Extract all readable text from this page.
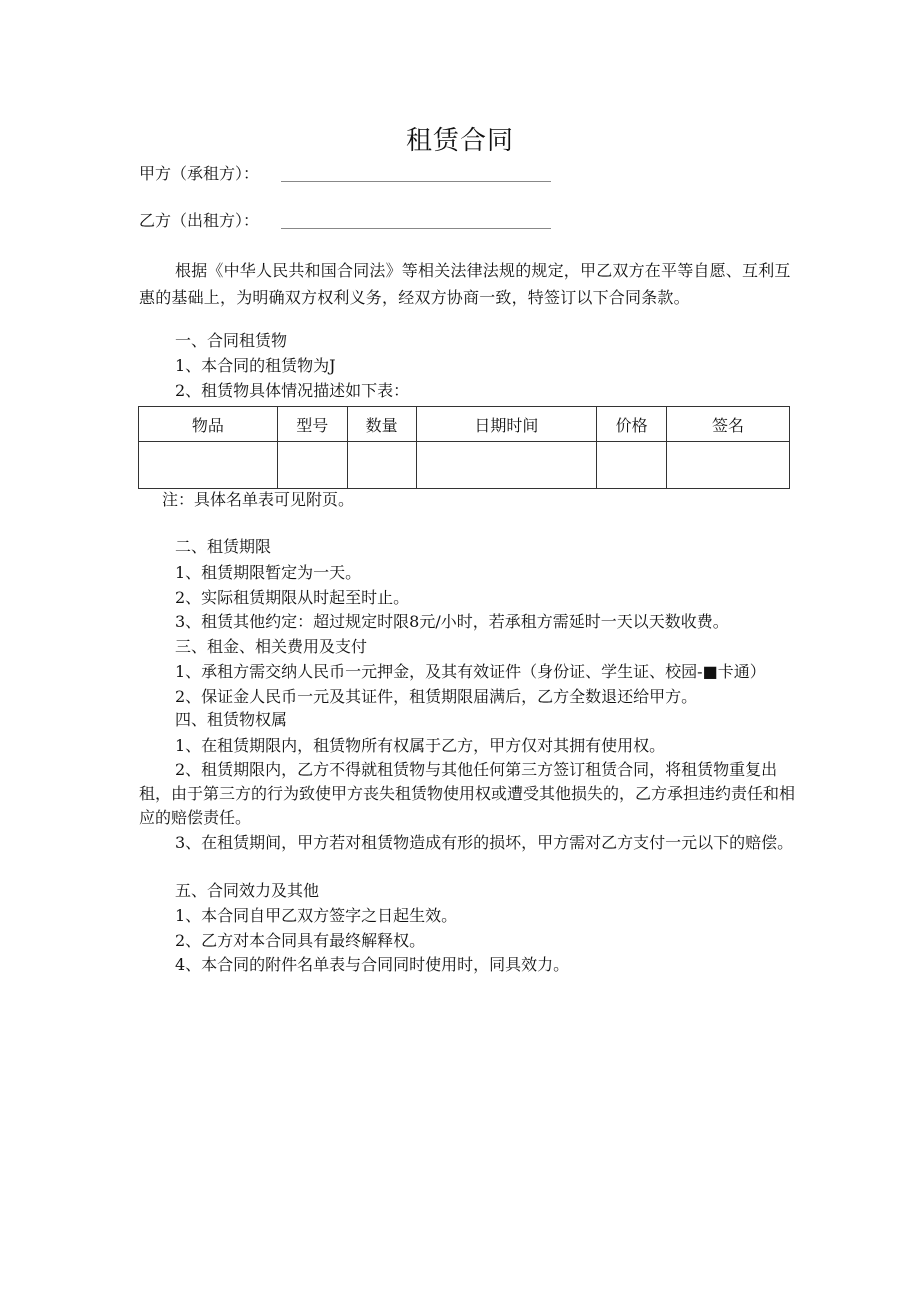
租赁合同
甲方（承租方）：
乙方（出租方）：
根据《中华人民共和国合同法》等相关法律法规的规定，甲乙双方在平等自愿、互利互惠的基础上，为明确双方权利义务，经双方协商一致，特签订以下合同条款。
一、合同租赁物
1、本合同的租赁物为J
2、租赁物具体情况描述如下表：
物品	型号	数量	日期时间	价格	签名

注：具体名单表可见附页。
二、租赁期限
1、租赁期限暂定为一天。
2、实际租赁期限从时起至时止。
3、租赁其他约定：超过规定时限8元/小时，若承租方需延时一天以天数收费。
三、租金、相关费用及支付
1、承租方需交纳人民币一元押金，及其有效证件（身份证、学生证、校园-■卡通）
2、保证金人民币一元及其证件，租赁期限届满后，乙方全数退还给甲方。
四、租赁物权属
1、在租赁期限内，租赁物所有权属于乙方，甲方仅对其拥有使用权。
2、租赁期限内，乙方不得就租赁物与其他任何第三方签订租赁合同，将租赁物重复出租，由于第三方的行为致使甲方丧失租赁物使用权或遭受其他损失的，乙方承担违约责任和相应的赔偿责任。
3、在租赁期间，甲方若对租赁物造成有形的损坏，甲方需对乙方支付一元以下的赔偿。
五、合同效力及其他
1、本合同自甲乙双方签字之日起生效。
2、乙方对本合同具有最终解释权。
4、本合同的附件名单表与合同同时使用时，同具效力。
